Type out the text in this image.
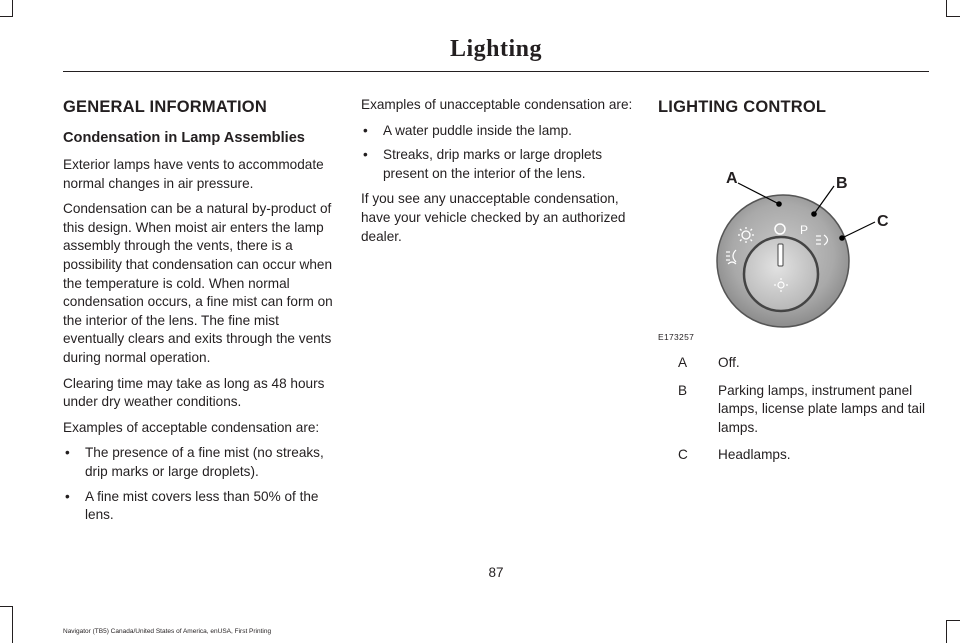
Lighting
GENERAL INFORMATION
Condensation in Lamp Assemblies

Exterior lamps have vents to accommodate normal changes in air pressure.

Condensation can be a natural by-product of this design. When moist air enters the lamp assembly through the vents, there is a possibility that condensation can occur when the temperature is cold. When normal condensation occurs, a fine mist can form on the interior of the lens. The fine mist eventually clears and exits through the vents during normal operation.

Clearing time may take as long as 48 hours under dry weather conditions.

Examples of acceptable condensation are:

• The presence of a fine mist (no streaks, drip marks or large droplets).
• A fine mist covers less than 50% of the lens.

Examples of unacceptable condensation are:

• A water puddle inside the lamp.
• Streaks, drip marks or large droplets present on the interior of the lens.

If you see any unacceptable condensation, have your vehicle checked by an authorized dealer.

LIGHTING CONTROL
P
A	B
C
E173257
A	Off.
B	Parking lamps, instrument panel lamps, license plate lamps and tail lamps.
C	Headlamps.
87
Navigator (TB5) Canada/United States of America, enUSA, First Printing
